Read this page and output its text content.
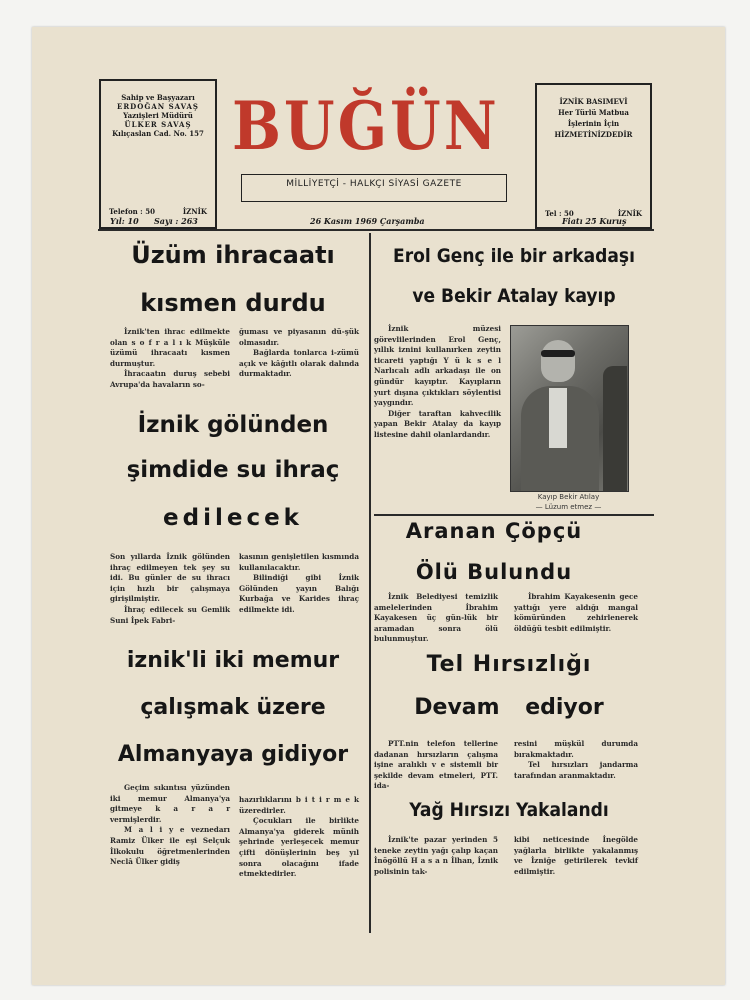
Sahip ve Başyazarı
ERDOĞAN SAVAŞ
Yazıişleri Müdürü
ÜLKER SAVAŞ
Kılıçaslan Cad. No. 157
Telefon : 50	İZNİK
BUĞÜN
MİLLİYETÇİ - HALKÇI SİYASİ GAZETE
İZNİK BASIMEVİ
Her Türlü Matbua
İşlerinin İçin
HİZMETİNİZDEDİR
Tel : 50	İZNİK
Yıl: 10 Sayı : 263	26 Kasım 1969 Çarşamba	Fiatı 25 Kuruş
Üzüm ihracaatı
kısmen durdu

İznik'ten ihrac edilmekte olan s o f r a l ı k Müşküle üzümü ihracaatı kısmen durmuştur.

İhracaatın duruş sebebi Avrupa'da havaların so-

ğuması ve piyasanın dü-şük olmasıdır.

Bağlarda tonlarca i-zümü açık ve kâğıtlı olarak dalında durmaktadır.

İznik gölünden
şimdide su ihraç
edilecek

Son yıllarda İznik gölünden ihraç edilmeyen tek şey su idi. Bu günler de su ihracı için hızlı bir çalışmaya girişilmiştir.

İhraç edilecek su Gemlik Suni İpek Fabri-

kasının genişletilen kısmında kullanılacaktır.

Bilindiği gibi İznik Gölünden yayın Balığı Kurbağa ve Karides ihraç edilmekte idi.

iznik'li iki memur
çalışmak üzere
Almanyaya gidiyor

Geçim sıkıntısı yüzünden iki memur Almanya'ya gitmeye k a r a r vermişlerdir.

M a l i y e veznedarı Ramiz Ülker ile eşi Selçuk İlkokulu öğretmenlerinden Neclâ Ülker gidiş

hazırlıklarını b i t i r m e k üzeredirler.

Çocukları ile birlikte Almanya'ya giderek münih şehrinde yerleşecek memur çifti dönüşlerinin beş yıl sonra olacağını ifade etmektedirler.

Erol Genç ile bir arkadaşı
ve Bekir Atalay kayıp

İznik müzesi görevlilerinden Erol Genç, yıllık iznini kullanırken zeytin ticareti yaptığı Y ü k s e l Narlıcalı adlı arkadaşı ile on gündür kayıptır. Kayıpların yurt dışına çıktıkları söylentisi yaygındır.

Diğer taraftan kahvecilik yapan Bekir Atalay da kayıp listesine dahil olanlardandır.

Kayıp Bekir Atılay
— Lüzum etmez —
Aranan Çöpçü
Ölü Bulundu

İznik Belediyesi temizlik amelelerinden İbrahim Kayakesen üç gün-lük bir aramadan sonra ölü bulunmuştur.

İbrahim Kayakesenin gece yattığı yere aldığı mangal kömüründen zehirlenerek öldüğü tesbit edilmiştir.

Tel Hırsızlığı
Devam ediyor

PTT.nin telefon tellerine dadanan hırsızların çalışma işine aralıklı v e sistemli bir şekilde devam etmeleri, PTT. ida-

resini müşkül durumda bırakmaktadır.

Tel hırsızları jandarma tarafından aranmaktadır.

Yağ Hırsızı Yakalandı

İznik'te pazar yerinden 5 teneke zeytin yağı çalıp kaçan İnögöllü H a s a n İlhan, İznik polisinin tak-

kibi neticesinde İnegölde yağlarla birlikte yakalanmış ve İzniğe getirilerek tevkif edilmiştir.
